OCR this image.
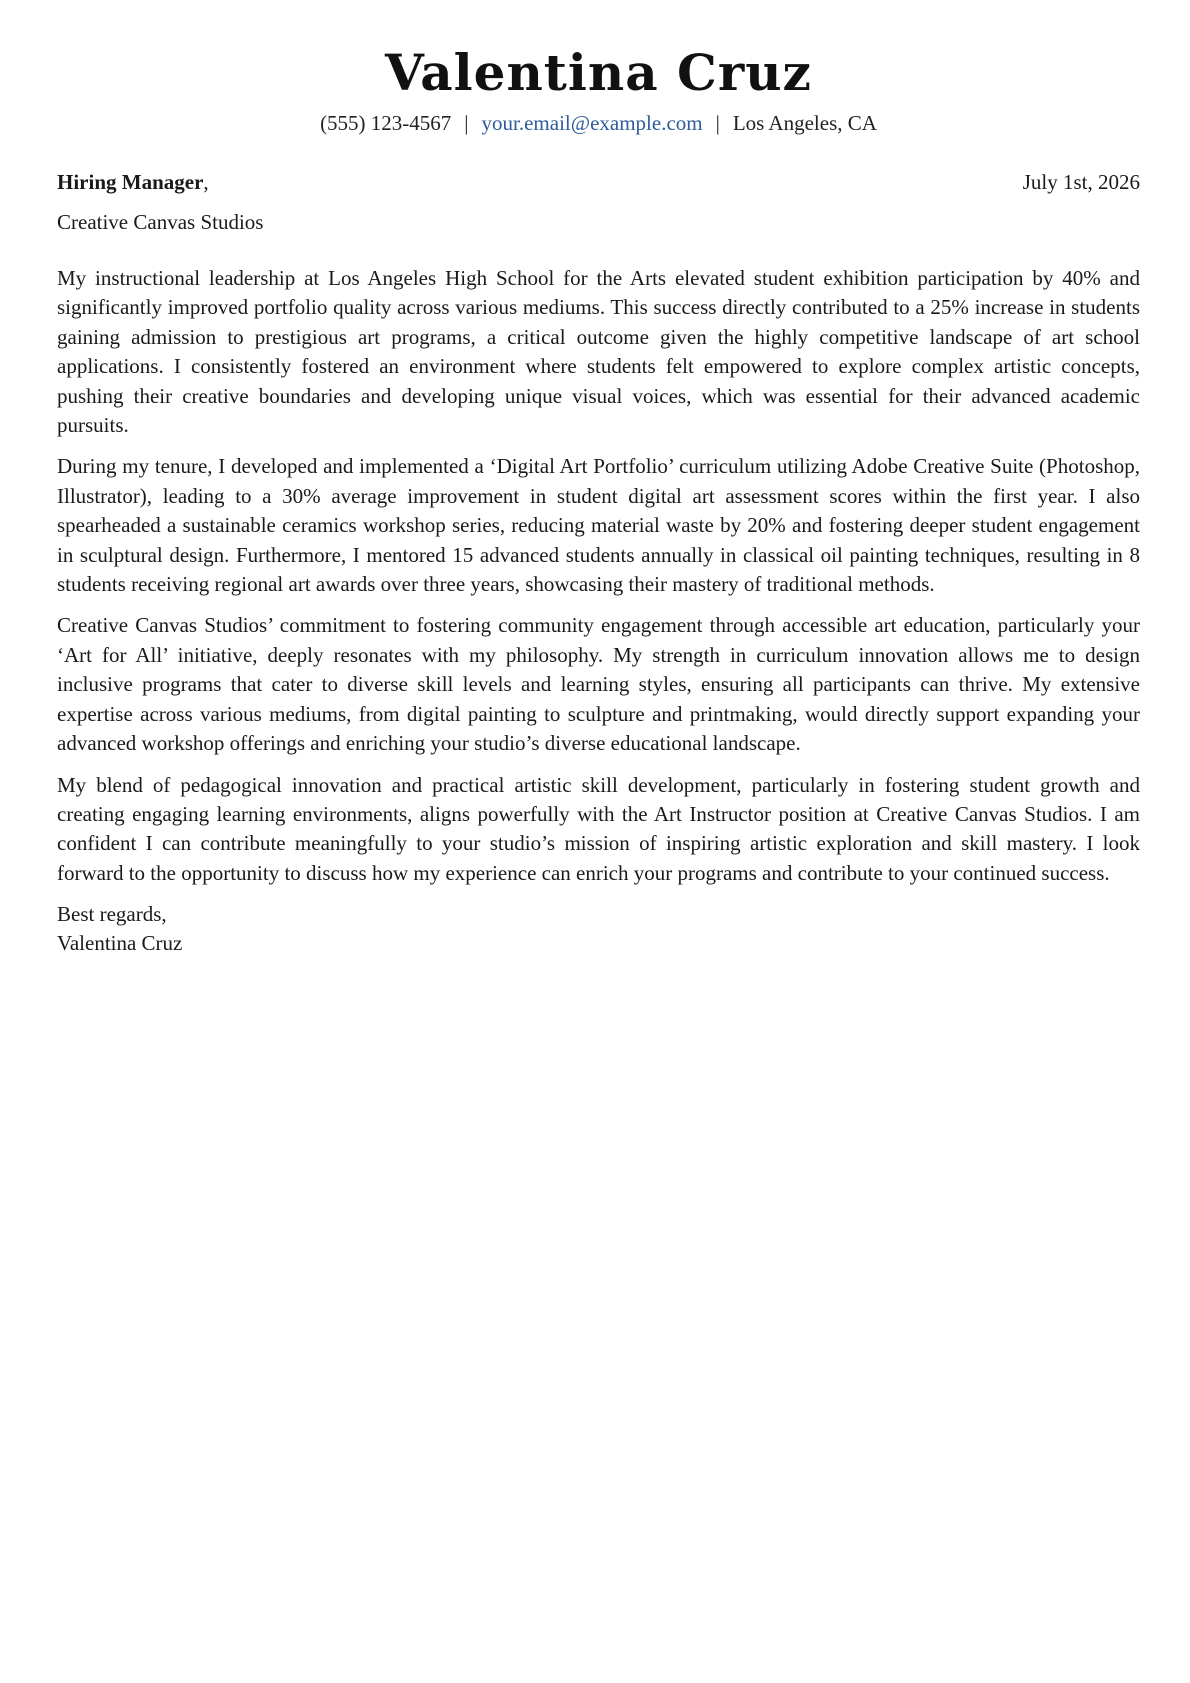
Valentina Cruz
(555) 123-4567 | your.email@example.com | Los Angeles, CA
Hiring Manager,	July 1st, 2026
Creative Canvas Studios

My instructional leadership at Los Angeles High School for the Arts elevated student exhibition participation by 40% and significantly improved portfolio quality across various mediums. This success directly contributed to a 25% increase in students gaining admission to prestigious art programs, a critical outcome given the highly competitive landscape of art school applications. I consistently fostered an environment where students felt empowered to explore complex artistic concepts, pushing their creative boundaries and developing unique visual voices, which was essential for their advanced academic pursuits.

During my tenure, I developed and implemented a ‘Digital Art Portfolio’ curriculum utilizing Adobe Creative Suite (Photoshop, Illustrator), leading to a 30% average improvement in student digital art assessment scores within the first year. I also spearheaded a sustainable ceramics workshop series, reducing material waste by 20% and fostering deeper student engagement in sculptural design. Furthermore, I mentored 15 advanced students annually in classical oil painting techniques, resulting in 8 students receiving regional art awards over three years, showcasing their mastery of traditional methods.

Creative Canvas Studios’ commitment to fostering community engagement through accessible art education, particularly your ‘Art for All’ initiative, deeply resonates with my philosophy. My strength in curriculum innovation allows me to design inclusive programs that cater to diverse skill levels and learning styles, ensuring all participants can thrive. My extensive expertise across various mediums, from digital painting to sculpture and printmaking, would directly support expanding your advanced workshop offerings and enriching your studio’s diverse educational landscape.

My blend of pedagogical innovation and practical artistic skill development, particularly in fostering student growth and creating engaging learning environments, aligns powerfully with the Art Instructor position at Creative Canvas Studios. I am confident I can contribute meaningfully to your studio’s mission of inspiring artistic exploration and skill mastery. I look forward to the opportunity to discuss how my experience can enrich your programs and contribute to your continued success.

Best regards,
Valentina Cruz
